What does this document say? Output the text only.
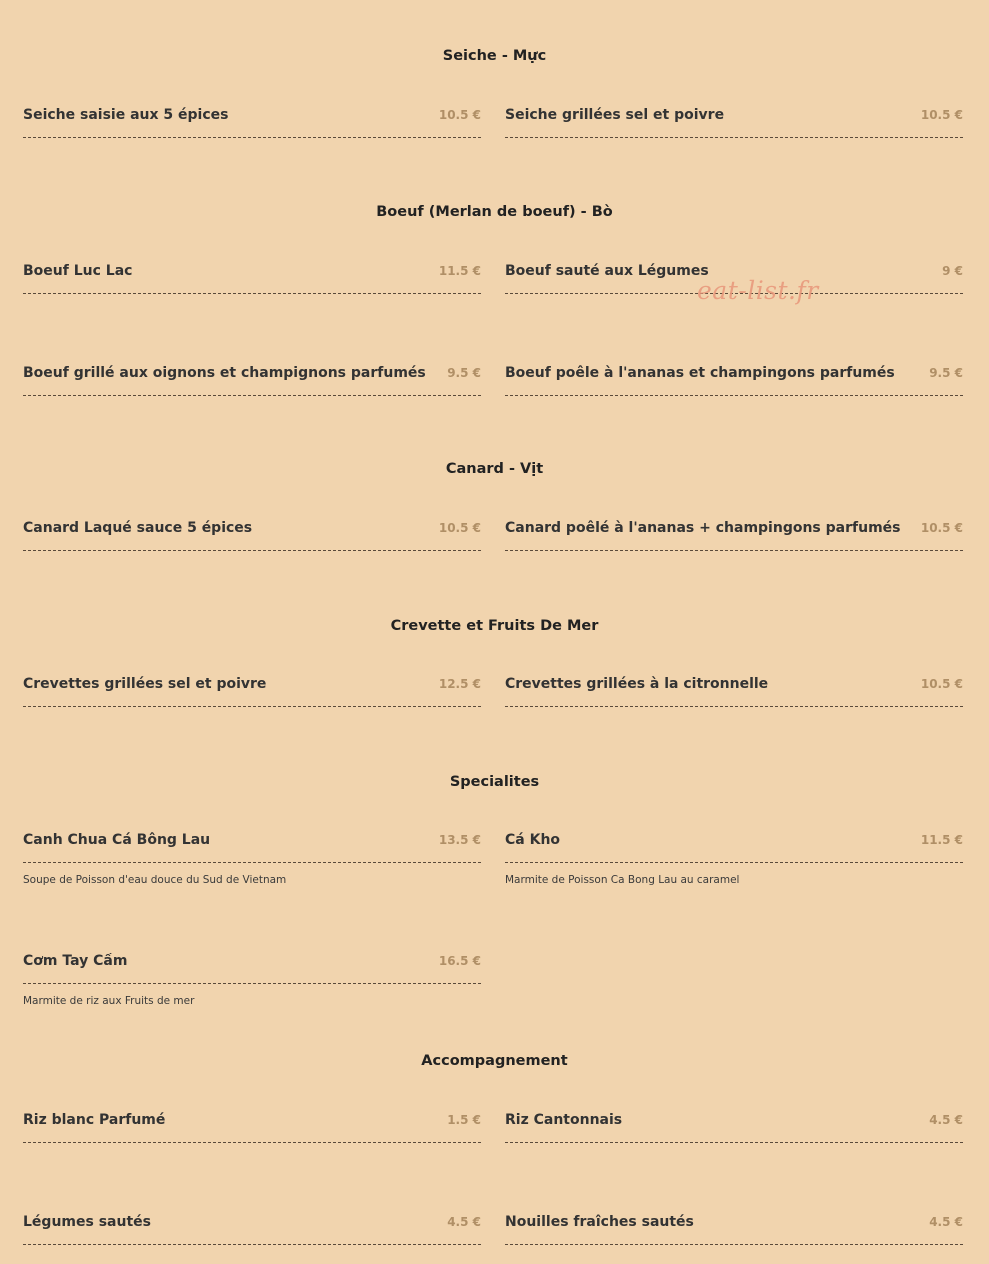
Seiche - Mực
Seiche saisie aux 5 épices	10.5 € Seiche grillées sel et poivre	10.5 €
Boeuf (Merlan de boeuf) - Bò
Boeuf Luc Lac	11.5 € Boeuf sauté aux Légumes	9 €
Boeuf grillé aux oignons et champignons parfumés 9.5 € Boeuf poêle à l'ananas et champingons parfumés	9.5 €
Canard - Vịt
Canard Laqué sauce 5 épices	10.5 € Canard poêlé à l'ananas + champingons parfumés 10.5 €
Crevette et Fruits De Mer
Crevettes grillées sel et poivre	12.5 € Crevettes grillées à la citronnelle	10.5 €
Specialites
Canh Chua Cá Bông Lau	13.5 €
Soupe de Poisson d'eau douce du Sud de Vietnam
Cá Kho	11.5 €
Marmite de Poisson Ca Bong Lau au caramel
Cơm Tay Cầm	16.5 €
Marmite de riz aux Fruits de mer
Accompagnement
Riz blanc Parfumé	1.5 € Riz Cantonnais	4.5 €
Légumes sautés	4.5 € Nouilles fraîches sautés	4.5 €
eat-list.fr
